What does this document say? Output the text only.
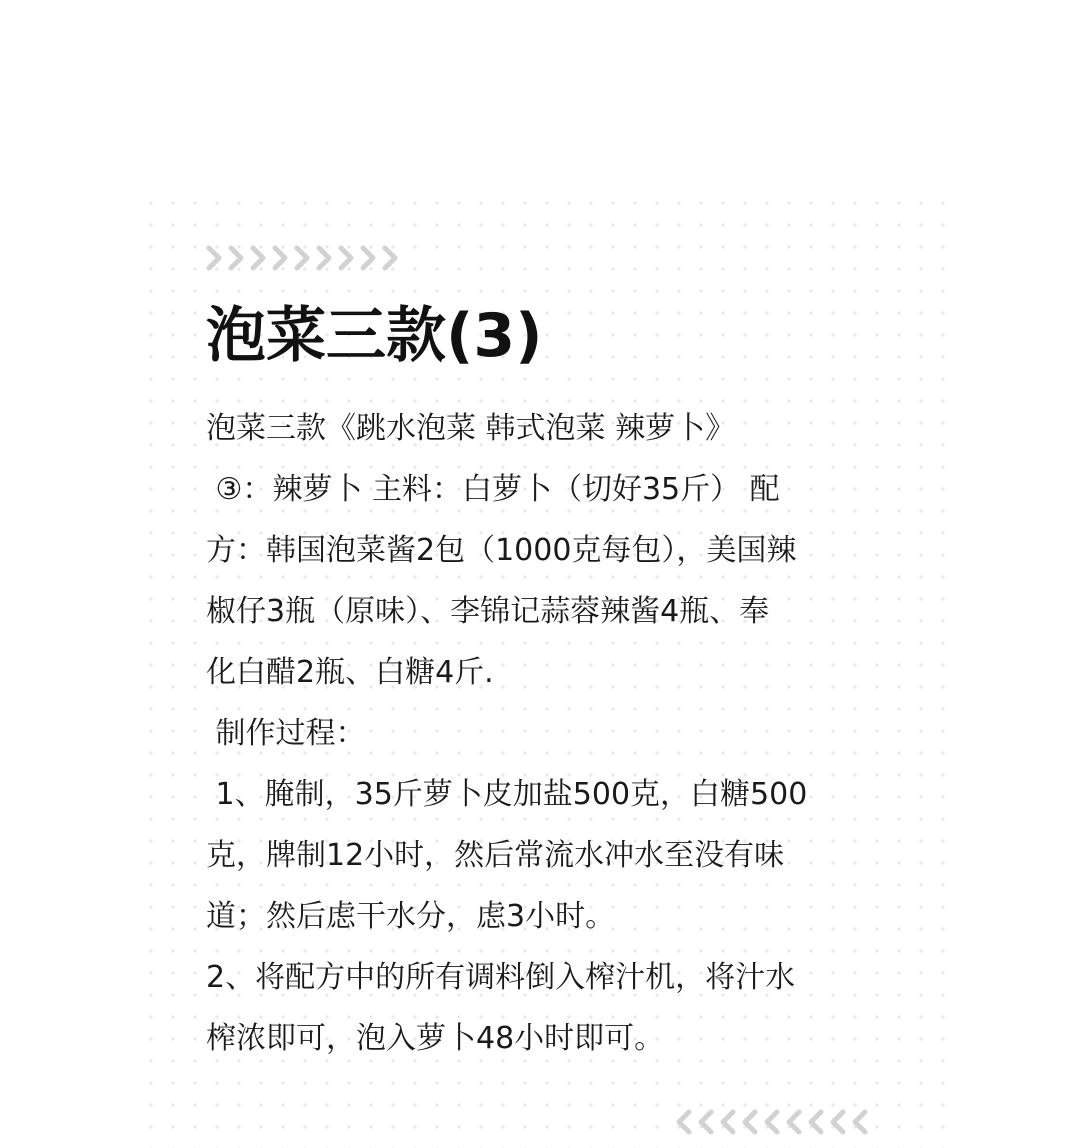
泡菜三款(3)
泡菜三款《跳水泡菜 韩式泡菜 辣萝卜》
③：辣萝卜 主料：白萝卜（切好35斤） 配
方：韩国泡菜酱2包（1000克每包），美国辣
椒仔3瓶（原味）、李锦记蒜蓉辣酱4瓶、奉
化白醋2瓶、白糖4斤.
制作过程：
1、腌制，35斤萝卜皮加盐500克，白糖500
克，牌制12小时，然后常流水冲水至没有味
道；然后虑干水分，虑3小时。
2、将配方中的所有调料倒入榨汁机，将汁水
榨浓即可，泡入萝卜48小时即可。
